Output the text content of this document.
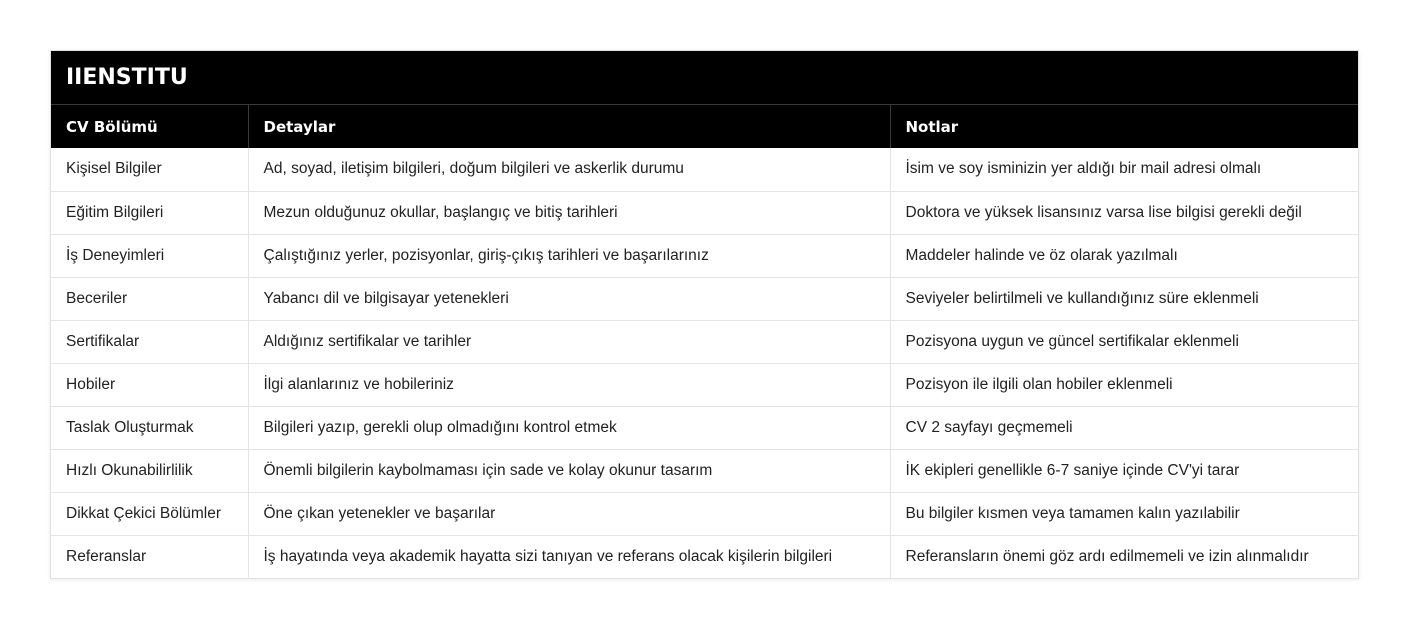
IIENSTITU
CV Bölümü	Detaylar	Notlar
Kişisel Bilgiler	Ad, soyad, iletişim bilgileri, doğum bilgileri ve askerlik durumu	İsim ve soy isminizin yer aldığı bir mail adresi olmalı
Eğitim Bilgileri	Mezun olduğunuz okullar, başlangıç ve bitiş tarihleri	Doktora ve yüksek lisansınız varsa lise bilgisi gerekli değil
İş Deneyimleri	Çalıştığınız yerler, pozisyonlar, giriş-çıkış tarihleri ve başarılarınız	Maddeler halinde ve öz olarak yazılmalı
Beceriler	Yabancı dil ve bilgisayar yetenekleri	Seviyeler belirtilmeli ve kullandığınız süre eklenmeli
Sertifikalar	Aldığınız sertifikalar ve tarihler	Pozisyona uygun ve güncel sertifikalar eklenmeli
Hobiler	İlgi alanlarınız ve hobileriniz	Pozisyon ile ilgili olan hobiler eklenmeli
Taslak Oluşturmak	Bilgileri yazıp, gerekli olup olmadığını kontrol etmek	CV 2 sayfayı geçmemeli
Hızlı Okunabilirlilik	Önemli bilgilerin kaybolmaması için sade ve kolay okunur tasarım	İK ekipleri genellikle 6-7 saniye içinde CV'yi tarar
Dikkat Çekici Bölümler	Öne çıkan yetenekler ve başarılar	Bu bilgiler kısmen veya tamamen kalın yazılabilir
Referanslar	İş hayatında veya akademik hayatta sizi tanıyan ve referans olacak kişilerin bilgileri	Referansların önemi göz ardı edilmemeli ve izin alınmalıdır
